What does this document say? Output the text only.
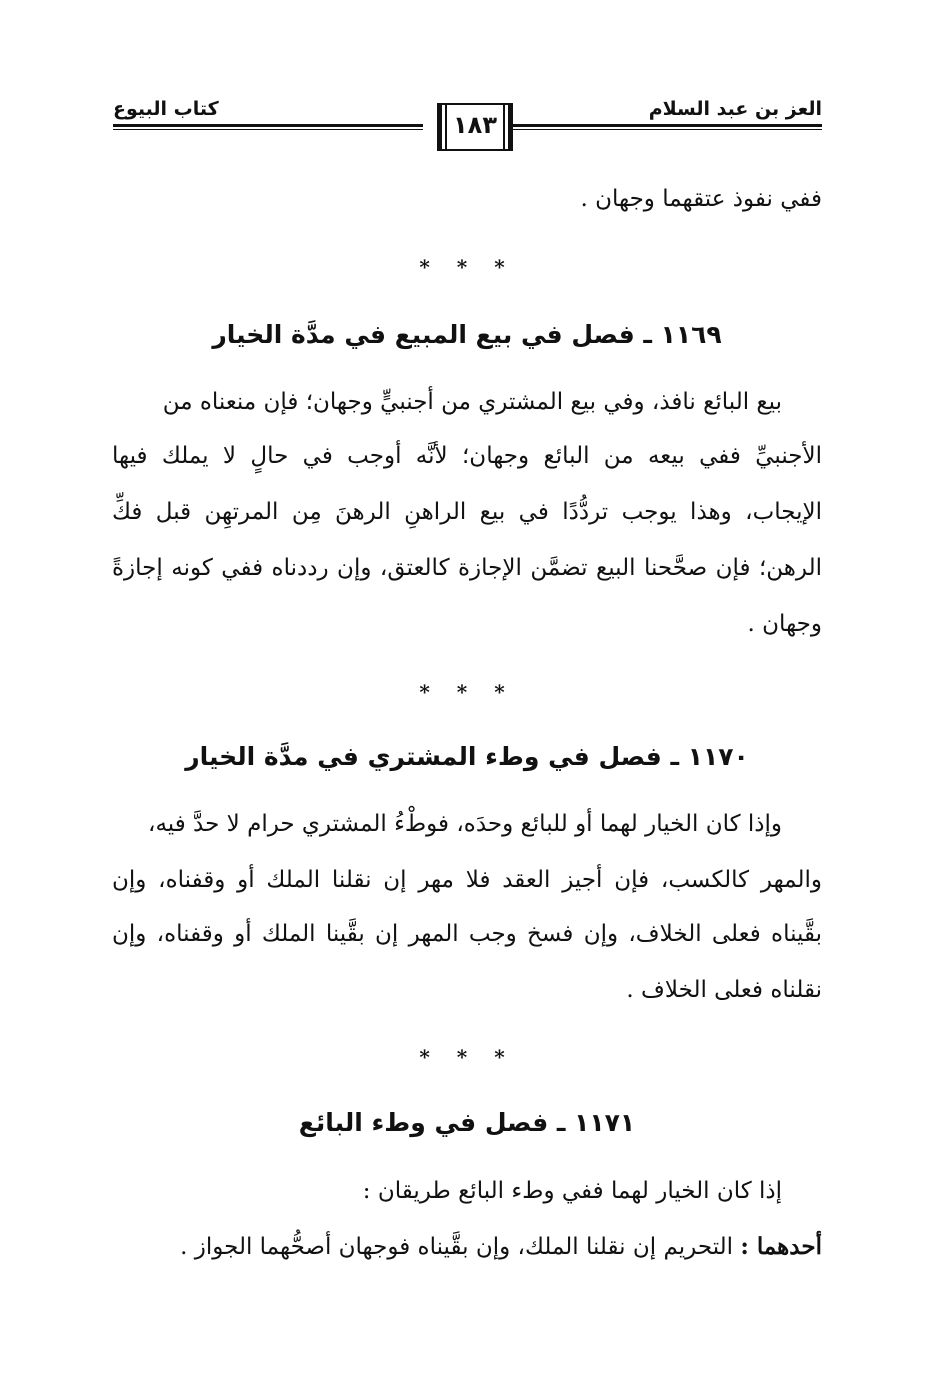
العز بن عبد السلام
١٨٣
كتاب البيوع
ففي نفوذ عتقهما وجهان .
* * *
١١٦٩ ـ فصل في بيع المبيع في مدَّة الخيار
بيع البائع نافذ، وفي بيع المشتري من أجنبيٍّ وجهان؛ فإن منعناه من
الأجنبيِّ ففي بيعه من البائع وجهان؛ لأنَّه أوجب في حالٍ لا يملك فيها
الإيجاب، وهذا يوجب تردُّدًا في بيع الراهنِ الرهنَ مِن المرتهِن قبل فكِّ
الرهن؛ فإن صحَّحنا البيع تضمَّن الإجازة كالعتق، وإن رددناه ففي كونه إجازةً
وجهان .
* * *
١١٧٠ ـ فصل في وطء المشتري في مدَّة الخيار
وإذا كان الخيار لهما أو للبائع وحدَه، فوطْءُ المشتري حرام لا حدَّ فيه،
والمهر كالكسب، فإن أجيز العقد فلا مهر إن نقلنا الملك أو وقفناه، وإن
بقَّيناه فعلى الخلاف، وإن فسخ وجب المهر إن بقَّينا الملك أو وقفناه، وإن
نقلناه فعلى الخلاف .
* * *
١١٧١ ـ فصل في وطء البائع
إذا كان الخيار لهما ففي وطء البائع طريقان :
أحدهما : التحريم إن نقلنا الملك، وإن بقَّيناه فوجهان أصحُّهما الجواز .
